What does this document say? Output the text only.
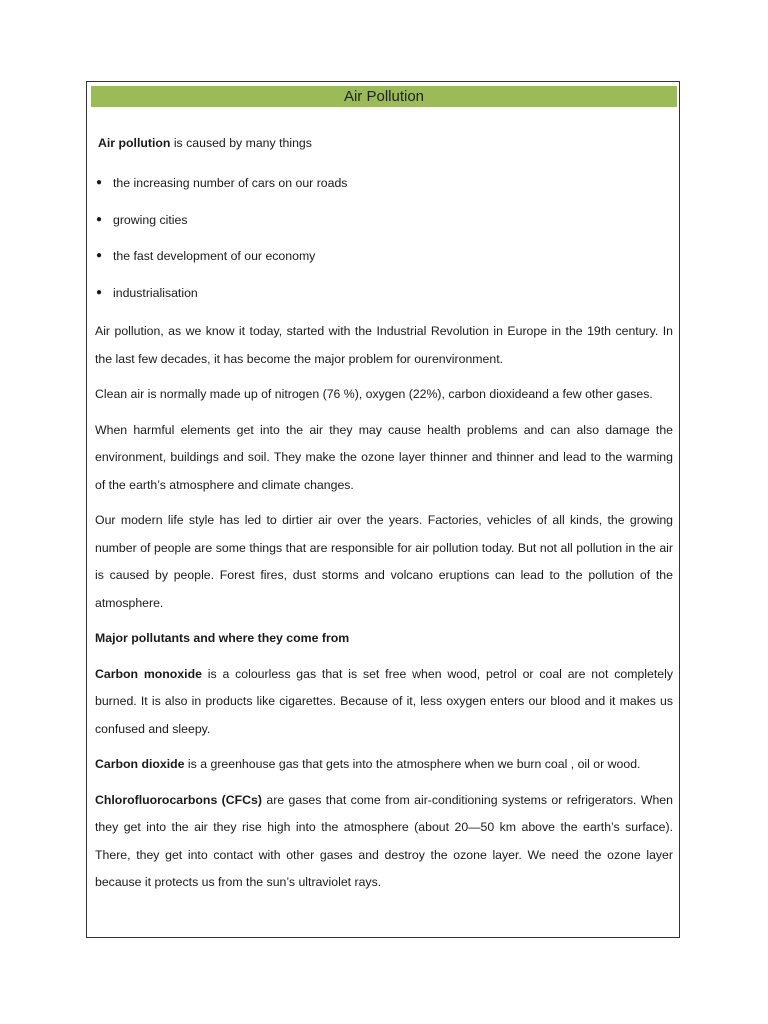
Air Pollution

Air pollution is caused by many things

● the increasing number of cars on our roads
● growing cities
● the fast development of our economy
● industrialisation

Air pollution, as we know it today, started with the Industrial Revolution in Europe in the 19th century. In the last few decades, it has become the major problem for ourenvironment.

Clean air is normally made up of nitrogen (76 %), oxygen (22%), carbon dioxideand a few other gases.

When harmful elements get into the air they may cause health problems and can also damage the environment, buildings and soil. They make the ozone layer thinner and thinner and lead to the warming of the earth’s atmosphere and climate changes.

Our modern life style has led to dirtier air over the years. Factories, vehicles of all kinds, the growing number of people are some things that are responsible for air pollution today. But not all pollution in the air is caused by people. Forest fires, dust storms and volcano eruptions can lead to the pollution of the atmosphere.

Major pollutants and where they come from

Carbon monoxide is a colourless gas that is set free when wood, petrol or coal are not completely burned. It is also in products like cigarettes. Because of it, less oxygen enters our blood and it makes us confused and sleepy.

Carbon dioxide is a greenhouse gas that gets into the atmosphere when we burn coal , oil or wood.

Chlorofluorocarbons (CFCs) are gases that come from air-conditioning systems or refrigerators. When they get into the air they rise high into the atmosphere (about 20—50 km above the earth’s surface). There, they get into contact with other gases and destroy the ozone layer. We need the ozone layer because it protects us from the sun’s ultraviolet rays.
